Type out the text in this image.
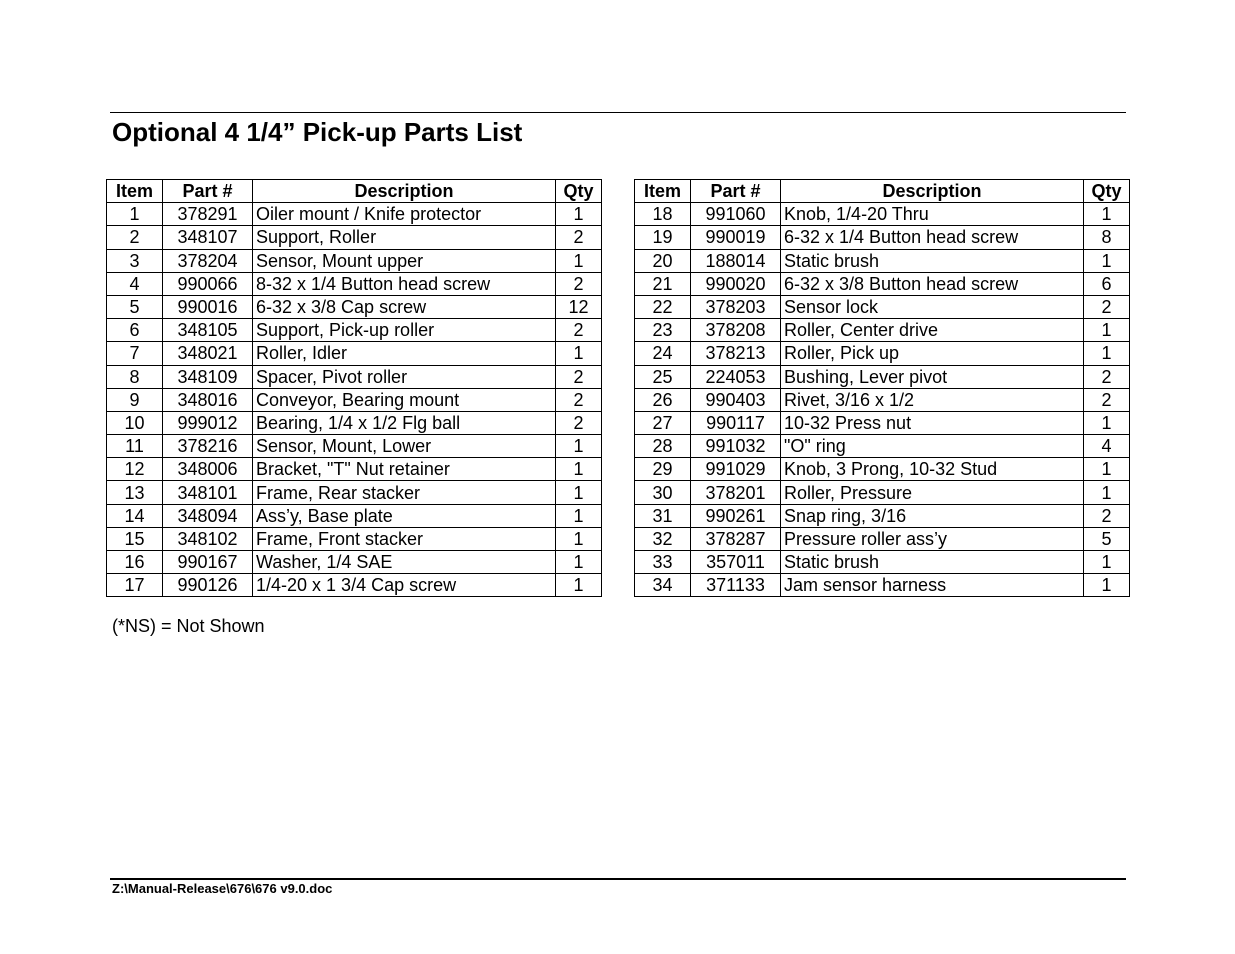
Optional 4 1/4” Pick-up Parts List
Item	Part #	Description	Qty
1	378291	Oiler mount / Knife protector	1
2	348107	Support, Roller	2
3	378204	Sensor, Mount upper	1
4	990066	8-32 x 1/4 Button head screw	2
5	990016	6-32 x 3/8 Cap screw	12
6	348105	Support, Pick-up roller	2
7	348021	Roller, Idler	1
8	348109	Spacer, Pivot roller	2
9	348016	Conveyor, Bearing mount	2
10	999012	Bearing, 1/4 x 1/2 Flg ball	2
11	378216	Sensor, Mount, Lower	1
12	348006	Bracket, "T" Nut retainer	1
13	348101	Frame, Rear stacker	1
14	348094	Ass’y, Base plate	1
15	348102	Frame, Front stacker	1
16	990167	Washer, 1/4 SAE	1
17	990126	1/4-20 x 1 3/4 Cap screw	1
Item	Part #	Description	Qty
18	991060	Knob, 1/4-20 Thru	1
19	990019	6-32 x 1/4 Button head screw	8
20	188014	Static brush	1
21	990020	6-32 x 3/8 Button head screw	6
22	378203	Sensor lock	2
23	378208	Roller, Center drive	1
24	378213	Roller, Pick up	1
25	224053	Bushing, Lever pivot	2
26	990403	Rivet, 3/16 x 1/2	2
27	990117	10-32 Press nut	1
28	991032	"O" ring	4
29	991029	Knob, 3 Prong, 10-32 Stud	1
30	378201	Roller, Pressure	1
31	990261	Snap ring, 3/16	2
32	378287	Pressure roller ass’y	5
33	357011	Static brush	1
34	371133	Jam sensor harness	1
(*NS) = Not Shown
Z:\Manual-Release\676\676 v9.0.doc
